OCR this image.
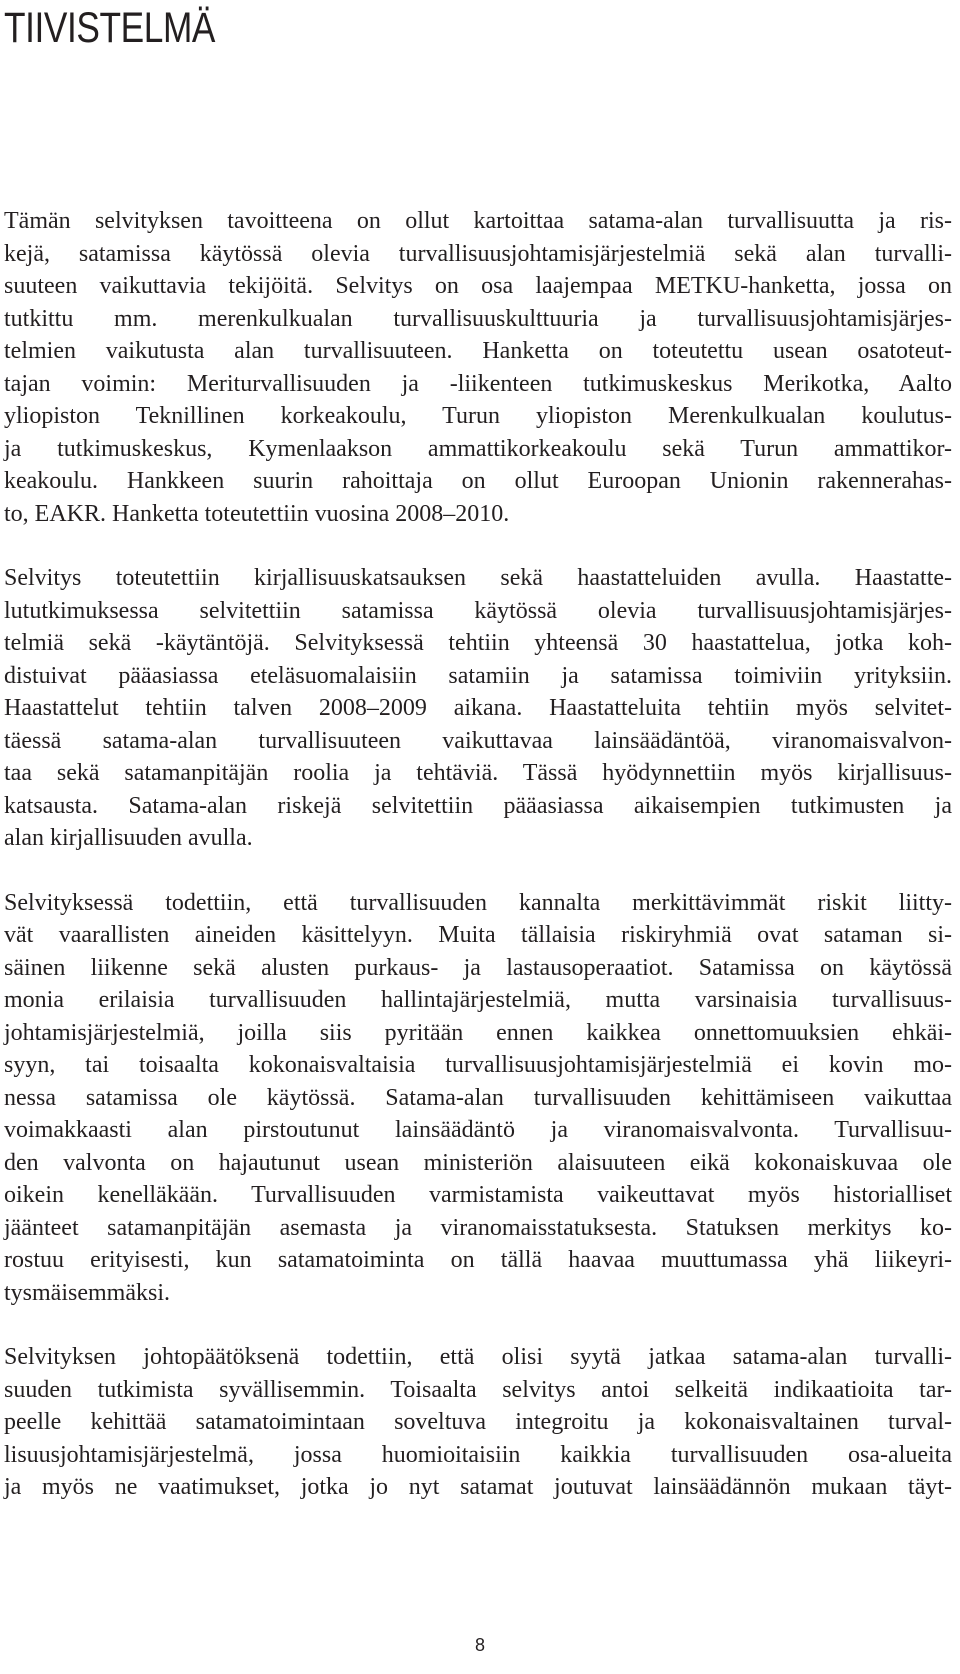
TIIVISTELMÄ
Tämän selvityksen tavoitteena on ollut kartoittaa satama-alan turvallisuutta ja ris-
kejä, satamissa käytössä olevia turvallisuusjohtamisjärjestelmiä sekä alan turvalli-
suuteen vaikuttavia tekijöitä. Selvitys on osa laajempaa METKU-hanketta, jossa on
tutkittu mm. merenkulkualan turvallisuuskulttuuria ja turvallisuusjohtamisjärjes-
telmien vaikutusta alan turvallisuuteen. Hanketta on toteutettu usean osatoteut-
tajan voimin: Meriturvallisuuden ja -liikenteen tutkimuskeskus Merikotka, Aalto
yliopiston Teknillinen korkeakoulu, Turun yliopiston Merenkulkualan koulutus-
ja tutkimuskeskus, Kymenlaakson ammattikorkeakoulu sekä Turun ammattikor-
keakoulu. Hankkeen suurin rahoittaja on ollut Euroopan Unionin rakennerahas-
to, EAKR. Hanketta toteutettiin vuosina 2008–2010.
Selvitys toteutettiin kirjallisuuskatsauksen sekä haastatteluiden avulla. Haastatte-
lututkimuksessa selvitettiin satamissa käytössä olevia turvallisuusjohtamisjärjes-
telmiä sekä -käytäntöjä. Selvityksessä tehtiin yhteensä 30 haastattelua, jotka koh-
distuivat pääasiassa eteläsuomalaisiin satamiin ja satamissa toimiviin yrityksiin.
Haastattelut tehtiin talven 2008–2009 aikana. Haastatteluita tehtiin myös selvitet-
täessä satama-alan turvallisuuteen vaikuttavaa lainsäädäntöä, viranomaisvalvon-
taa sekä satamanpitäjän roolia ja tehtäviä. Tässä hyödynnettiin myös kirjallisuus-
katsausta. Satama-alan riskejä selvitettiin pääasiassa aikaisempien tutkimusten ja
alan kirjallisuuden avulla.
Selvityksessä todettiin, että turvallisuuden kannalta merkittävimmät riskit liitty-
vät vaarallisten aineiden käsittelyyn. Muita tällaisia riskiryhmiä ovat sataman si-
säinen liikenne sekä alusten purkaus- ja lastausoperaatiot. Satamissa on käytössä
monia erilaisia turvallisuuden hallintajärjestelmiä, mutta varsinaisia turvallisuus-
johtamisjärjestelmiä, joilla siis pyritään ennen kaikkea onnettomuuksien ehkäi-
syyn, tai toisaalta kokonaisvaltaisia turvallisuusjohtamisjärjestelmiä ei kovin mo-
nessa satamissa ole käytössä. Satama-alan turvallisuuden kehittämiseen vaikuttaa
voimakkaasti alan pirstoutunut lainsäädäntö ja viranomaisvalvonta. Turvallisuu-
den valvonta on hajautunut usean ministeriön alaisuuteen eikä kokonaiskuvaa ole
oikein kenelläkään. Turvallisuuden varmistamista vaikeuttavat myös historialliset
jäänteet satamanpitäjän asemasta ja viranomaisstatuksesta. Statuksen merkitys ko-
rostuu erityisesti, kun satamatoiminta on tällä haavaa muuttumassa yhä liikeyri-
tysmäisemmäksi.
Selvityksen johtopäätöksenä todettiin, että olisi syytä jatkaa satama-alan turvalli-
suuden tutkimista syvällisemmin. Toisaalta selvitys antoi selkeitä indikaatioita tar-
peelle kehittää satamatoimintaan soveltuva integroitu ja kokonaisvaltainen turval-
lisuusjohtamisjärjestelmä, jossa huomioitaisiin kaikkia turvallisuuden osa-alueita
ja myös ne vaatimukset, jotka jo nyt satamat joutuvat lainsäädännön mukaan täyt-
8
